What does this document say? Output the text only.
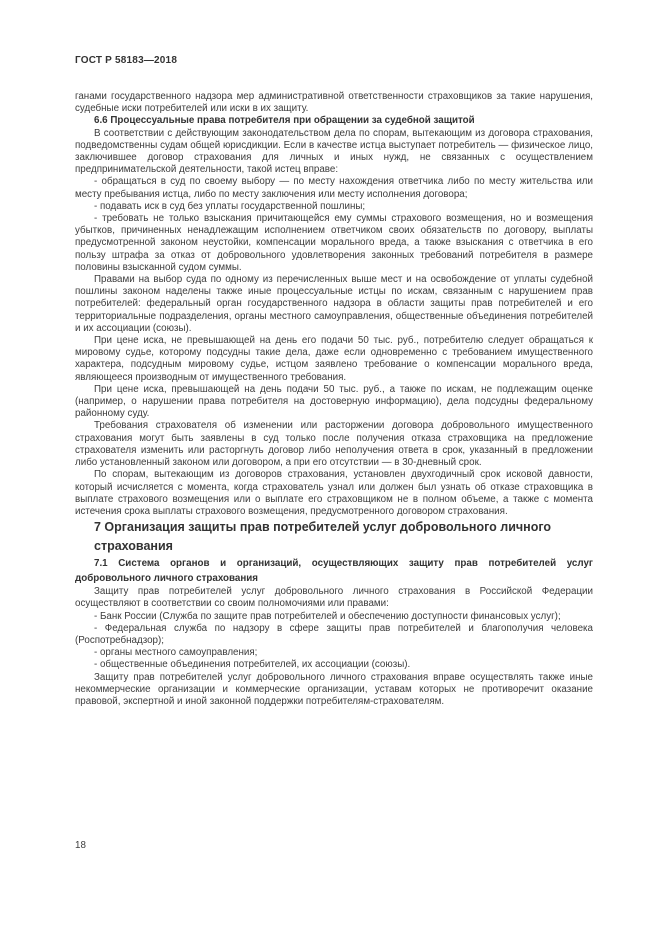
ГОСТ Р 58183—2018

ганами государственного надзора мер административной ответственности страховщиков за такие нарушения, судебные иски потребителей или иски в их защиту.

6.6 Процессуальные права потребителя при обращении за судебной защитой

В соответствии с действующим законодательством дела по спорам, вытекающим из договора страхования, подведомственны судам общей юрисдикции. Если в качестве истца выступает потребитель — физическое лицо, заключившее договор страхования для личных и иных нужд, не связанных с осуществлением предпринимательской деятельности, такой истец вправе:

- обращаться в суд по своему выбору — по месту нахождения ответчика либо по месту жительства или месту пребывания истца, либо по месту заключения или месту исполнения договора;

- подавать иск в суд без уплаты государственной пошлины;

- требовать не только взыскания причитающейся ему суммы страхового возмещения, но и возмещения убытков, причиненных ненадлежащим исполнением ответчиком своих обязательств по договору, выплаты предусмотренной законом неустойки, компенсации морального вреда, а также взыскания с ответчика в его пользу штрафа за отказ от добровольного удовлетворения законных требований потребителя в размере половины взысканной судом суммы.

Правами на выбор суда по одному из перечисленных выше мест и на освобождение от уплаты судебной пошлины законом наделены также иные процессуальные истцы по искам, связанным с нарушением прав потребителей: федеральный орган государственного надзора в области защиты прав потребителей и его территориальные подразделения, органы местного самоуправления, общественные объединения потребителей и их ассоциации (союзы).

При цене иска, не превышающей на день его подачи 50 тыс. руб., потребителю следует обращаться к мировому судье, которому подсудны такие дела, даже если одновременно с требованием имущественного характера, подсудным мировому судье, истцом заявлено требование о компенсации морального вреда, являющееся производным от имущественного требования.

При цене иска, превышающей на день подачи 50 тыс. руб., а также по искам, не подлежащим оценке (например, о нарушении права потребителя на достоверную информацию), дела подсудны федеральному районному суду.

Требования страхователя об изменении или расторжении договора добровольного имущественного страхования могут быть заявлены в суд только после получения отказа страховщика на предложение страхователя изменить или расторгнуть договор либо неполучения ответа в срок, указанный в предложении либо установленный законом или договором, а при его отсутствии — в 30-дневный срок.

По спорам, вытекающим из договоров страхования, установлен двухгодичный срок исковой давности, который исчисляется с момента, когда страхователь узнал или должен был узнать об отказе страховщика в выплате страхового возмещения или о выплате его страховщиком не в полном объеме, а также с момента истечения срока выплаты страхового возмещения, предусмотренного договором страхования.

7 Организация защиты прав потребителей услуг добровольного личного страхования

7.1 Система органов и организаций, осуществляющих защиту прав потребителей услуг добровольного личного страхования

Защиту прав потребителей услуг добровольного личного страхования в Российской Федерации осуществляют в соответствии со своим полномочиями или правами:

- Банк России (Служба по защите прав потребителей и обеспечению доступности финансовых услуг);

- Федеральная служба по надзору в сфере защиты прав потребителей и благополучия человека (Роспотребнадзор);

- органы местного самоуправления;

- общественные объединения потребителей, их ассоциации (союзы).

Защиту прав потребителей услуг добровольного личного страхования вправе осуществлять также иные некоммерческие организации и коммерческие организации, уставам которых не противоречит оказание правовой, экспертной и иной законной поддержки потребителям-страхователям.

18
